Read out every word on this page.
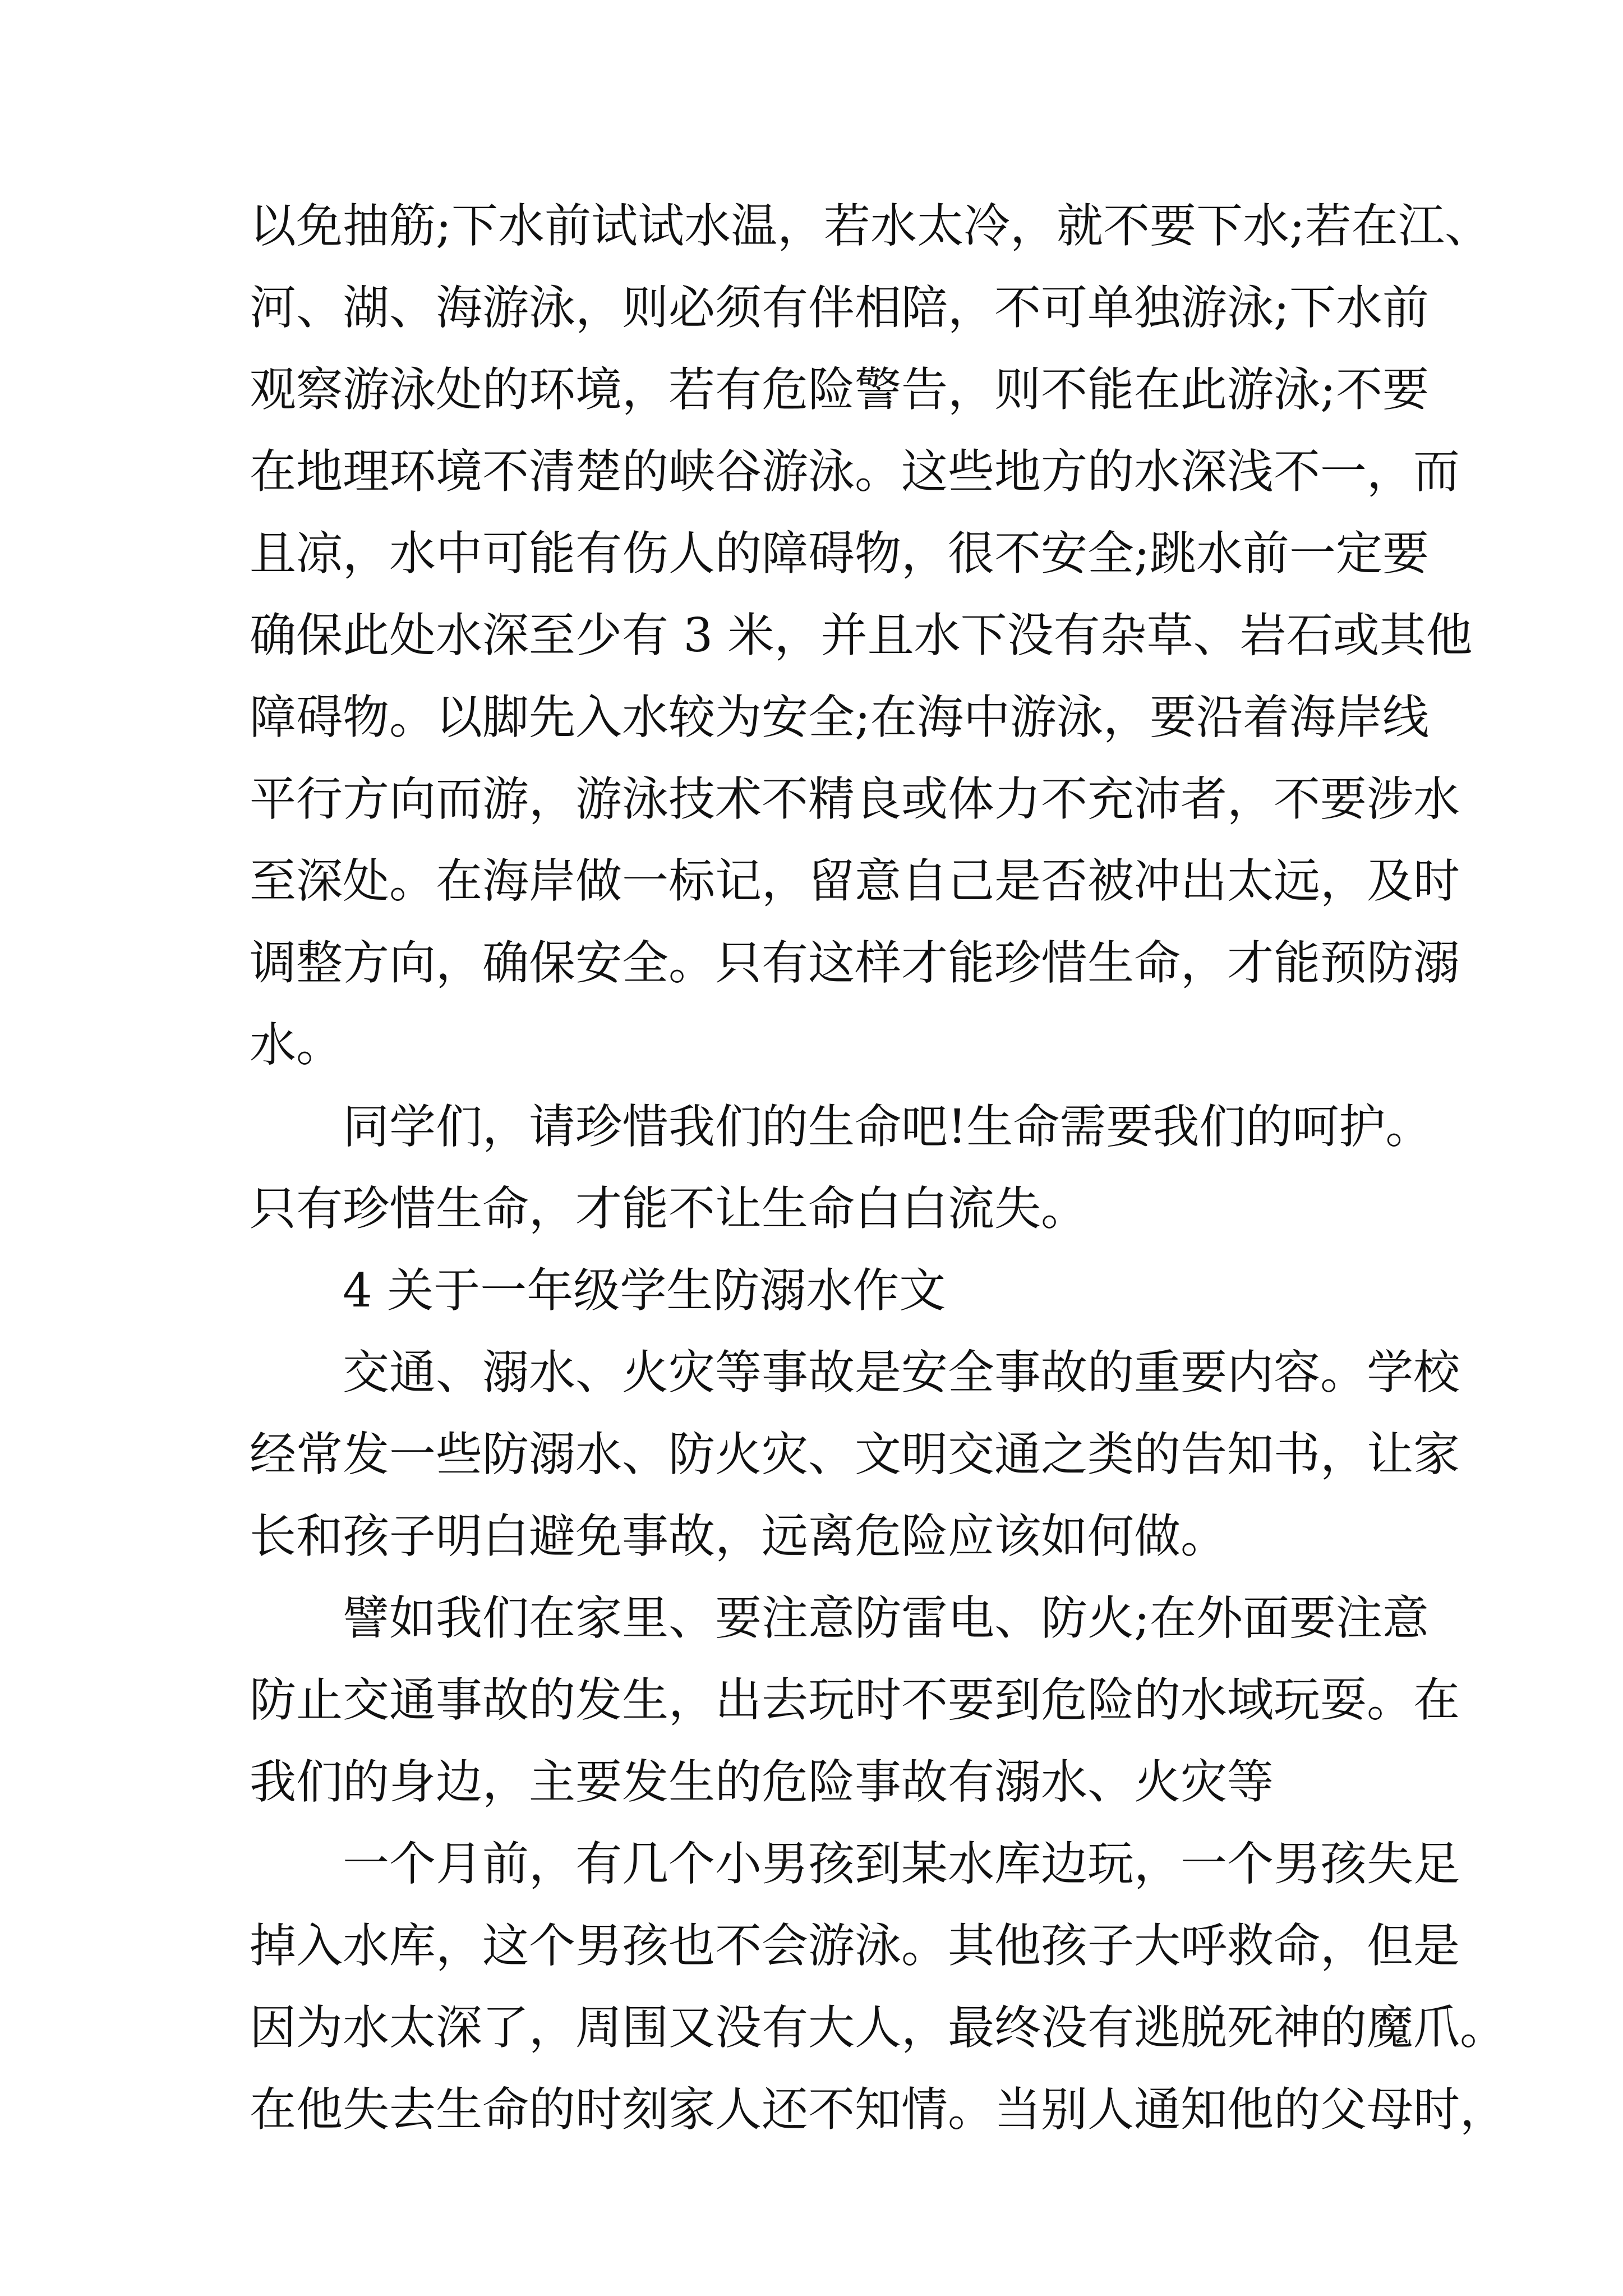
以免抽筋;下水前试试水温，若水太冷，就不要下水;若在江、
河、湖、海游泳，则必须有伴相陪，不可单独游泳;下水前
观察游泳处的环境，若有危险警告，则不能在此游泳;不要
在地理环境不清楚的峡谷游泳。这些地方的水深浅不一，而
且凉，水中可能有伤人的障碍物，很不安全;跳水前一定要
确保此处水深至少有 3 米，并且水下没有杂草、岩石或其他
障碍物。以脚先入水较为安全;在海中游泳，要沿着海岸线
平行方向而游，游泳技术不精良或体力不充沛者，不要涉水
至深处。在海岸做一标记，留意自己是否被冲出太远，及时
调整方向，确保安全。只有这样才能珍惜生命，才能预防溺
水。
同学们，请珍惜我们的生命吧!生命需要我们的呵护。
只有珍惜生命，才能不让生命白白流失。
4 关于一年级学生防溺水作文
交通、溺水、火灾等事故是安全事故的重要内容。学校
经常发一些防溺水、防火灾、文明交通之类的告知书，让家
长和孩子明白避免事故，远离危险应该如何做。
譬如我们在家里、要注意防雷电、防火;在外面要注意
防止交通事故的发生，出去玩时不要到危险的水域玩耍。在
我们的身边，主要发生的危险事故有溺水、火灾等
一个月前，有几个小男孩到某水库边玩，一个男孩失足
掉入水库，这个男孩也不会游泳。其他孩子大呼救命，但是
因为水太深了，周围又没有大人，最终没有逃脱死神的魔爪。
在他失去生命的时刻家人还不知情。当别人通知他的父母时，
